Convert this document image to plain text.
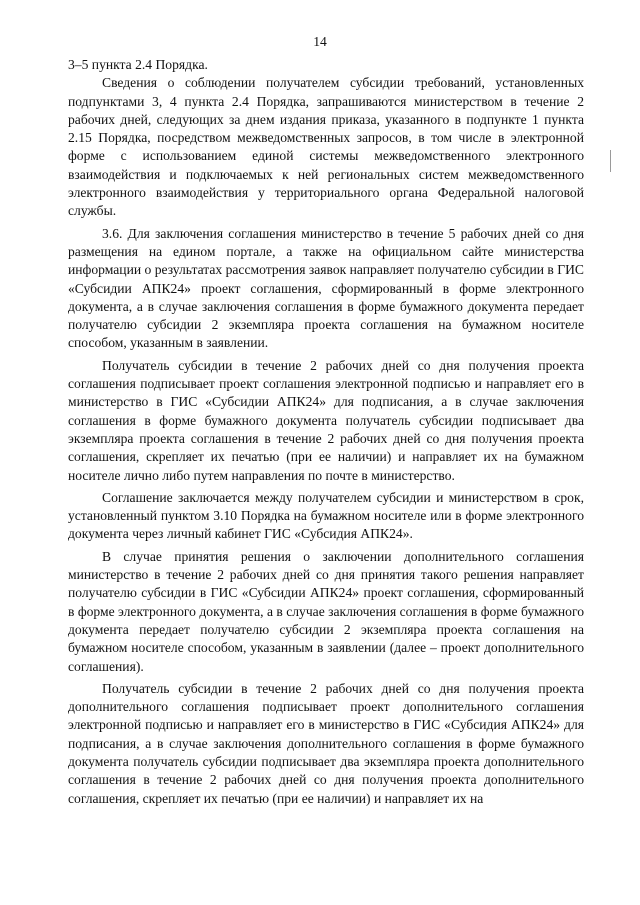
14

3–5 пункта 2.4 Порядка.

Сведения о соблюдении получателем субсидии требований, установленных подпунктами 3, 4 пункта 2.4 Порядка, запрашиваются министерством в течение 2 рабочих дней, следующих за днем издания приказа, указанного в подпункте 1 пункта 2.15 Порядка, посредством межведомственных запросов, в том числе в электронной форме с использованием единой системы межведомственного электронного взаимодействия и подключаемых к ней региональных систем межведомственного электронного взаимодействия у территориального органа Федеральной налоговой службы.

3.6. Для заключения соглашения министерство в течение 5 рабочих дней со дня размещения на едином портале, а также на официальном сайте министерства информации о результатах рассмотрения заявок направляет получателю субсидии в ГИС «Субсидии АПК24» проект соглашения, сформированный в форме электронного документа, а в случае заключения соглашения в форме бумажного документа передает получателю субсидии 2 экземпляра проекта соглашения на бумажном носителе способом, указанным в заявлении.

Получатель субсидии в течение 2 рабочих дней со дня получения проекта соглашения подписывает проект соглашения электронной подписью и направляет его в министерство в ГИС «Субсидии АПК24» для подписания, а в случае заключения соглашения в форме бумажного документа получатель субсидии подписывает два экземпляра проекта соглашения в течение 2 рабочих дней со дня получения проекта соглашения, скрепляет их печатью (при ее наличии) и направляет их на бумажном носителе лично либо путем направления по почте в министерство.

Соглашение заключается между получателем субсидии и министерством в срок, установленный пунктом 3.10 Порядка на бумажном носителе или в форме электронного документа через личный кабинет ГИС «Субсидия АПК24».

В случае принятия решения о заключении дополнительного соглашения министерство в течение 2 рабочих дней со дня принятия такого решения направляет получателю субсидии в ГИС «Субсидии АПК24» проект соглашения, сформированный в форме электронного документа, а в случае заключения соглашения в форме бумажного документа передает получателю субсидии 2 экземпляра проекта соглашения на бумажном носителе способом, указанным в заявлении (далее – проект дополнительного соглашения).

Получатель субсидии в течение 2 рабочих дней со дня получения проекта дополнительного соглашения подписывает проект дополнительного соглашения электронной подписью и направляет его в министерство в ГИС «Субсидия АПК24» для подписания, а в случае заключения дополнительного соглашения в форме бумажного документа получатель субсидии подписывает два экземпляра проекта дополнительного соглашения в течение 2 рабочих дней со дня получения проекта дополнительного соглашения, скрепляет их печатью (при ее наличии) и направляет их на
